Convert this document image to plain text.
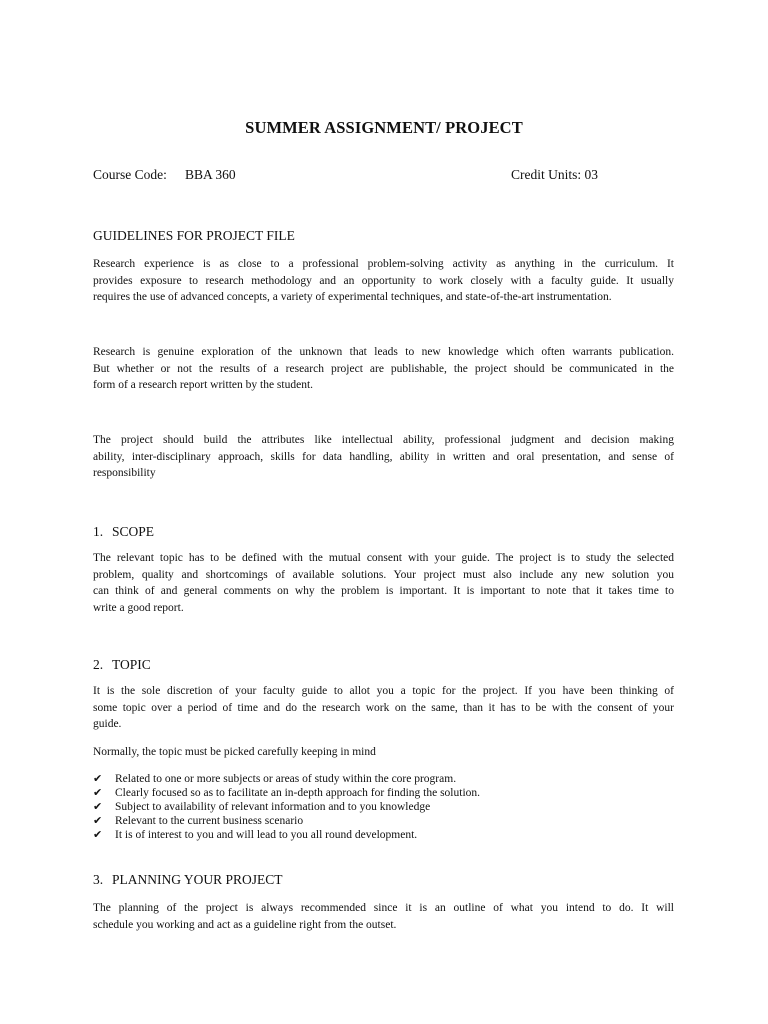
SUMMER ASSIGNMENT/ PROJECT
Course Code: BBA 360	Credit Units: 03
GUIDELINES FOR PROJECT FILE
Research experience is as close to a professional problem-solving activity as anything in the curriculum. It
provides exposure to research methodology and an opportunity to work closely with a faculty guide. It usually
requires the use of advanced concepts, a variety of experimental techniques, and state-of-the-art instrumentation.
Research is genuine exploration of the unknown that leads to new knowledge which often warrants publication.
But whether or not the results of a research project are publishable, the project should be communicated in the
form of a research report written by the student.
The project should build the attributes like intellectual ability, professional judgment and decision making
ability, inter-disciplinary approach, skills for data handling, ability in written and oral presentation, and sense of
responsibility
1. SCOPE
The relevant topic has to be defined with the mutual consent with your guide. The project is to study the selected
problem, quality and shortcomings of available solutions. Your project must also include any new solution you
can think of and general comments on why the problem is important. It is important to note that it takes time to
write a good report.
2. TOPIC
It is the sole discretion of your faculty guide to allot you a topic for the project. If you have been thinking of
some topic over a period of time and do the research work on the same, than it has to be with the consent of your
guide.
Normally, the topic must be picked carefully keeping in mind
✔ Related to one or more subjects or areas of study within the core program.
✔ Clearly focused so as to facilitate an in-depth approach for finding the solution.
✔ Subject to availability of relevant information and to you knowledge
✔ Relevant to the current business scenario
✔ It is of interest to you and will lead to you all round development.
3. PLANNING YOUR PROJECT
The planning of the project is always recommended since it is an outline of what you intend to do. It will
schedule you working and act as a guideline right from the outset.
